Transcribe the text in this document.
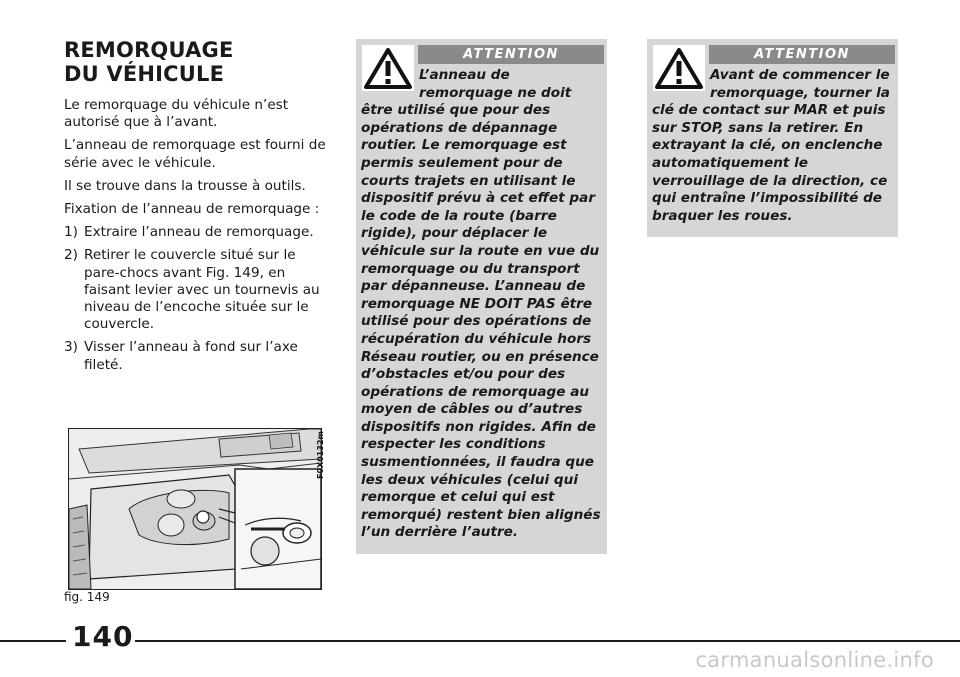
REMORQUAGE
DU VÉHICULE

Le remorquage du véhicule n’est autorisé que à l’avant.

L’anneau de remorquage est fourni de série avec le véhicule.

Il se trouve dans la trousse à outils.

Fixation de l’anneau de remorquage :

1) Extraire l’anneau de remorquage.
2) Retirer le couvercle situé sur le pare-chocs avant Fig. 149, en faisant levier avec un tournevis au niveau de l’encoche située sur le couvercle.
3) Visser l’anneau à fond sur l’axe fileté.
F0X0132m
fig. 149
ATTENTION
L’anneau de remorquage ne doit
être utilisé que pour des opérations de dépannage routier. Le remorquage est permis seulement pour de courts trajets en utilisant le dispositif prévu à cet effet par le code de la route (barre rigide), pour déplacer le véhicule sur la route en vue du remorquage ou du transport par dépanneuse. L’anneau de remorquage NE DOIT PAS être utilisé pour des opérations de récupération du véhicule hors Réseau routier, ou en présence d’obstacles et/ou pour des opérations de remorquage au moyen de câbles ou d’autres dispositifs non rigides. Afin de respecter les conditions susmentionnées, il faudra que les deux véhicules (celui qui remorque et celui qui est remorqué) restent bien alignés l’un derrière l’autre.
ATTENTION
Avant de commencer le remorquage, tourner la
clé de contact sur MAR et puis sur STOP, sans la retirer. En extrayant la clé, on enclenche automatiquement le verrouillage de la direction, ce qui entraîne l’impossibilité de braquer les roues.
140
carmanualsonline.info
